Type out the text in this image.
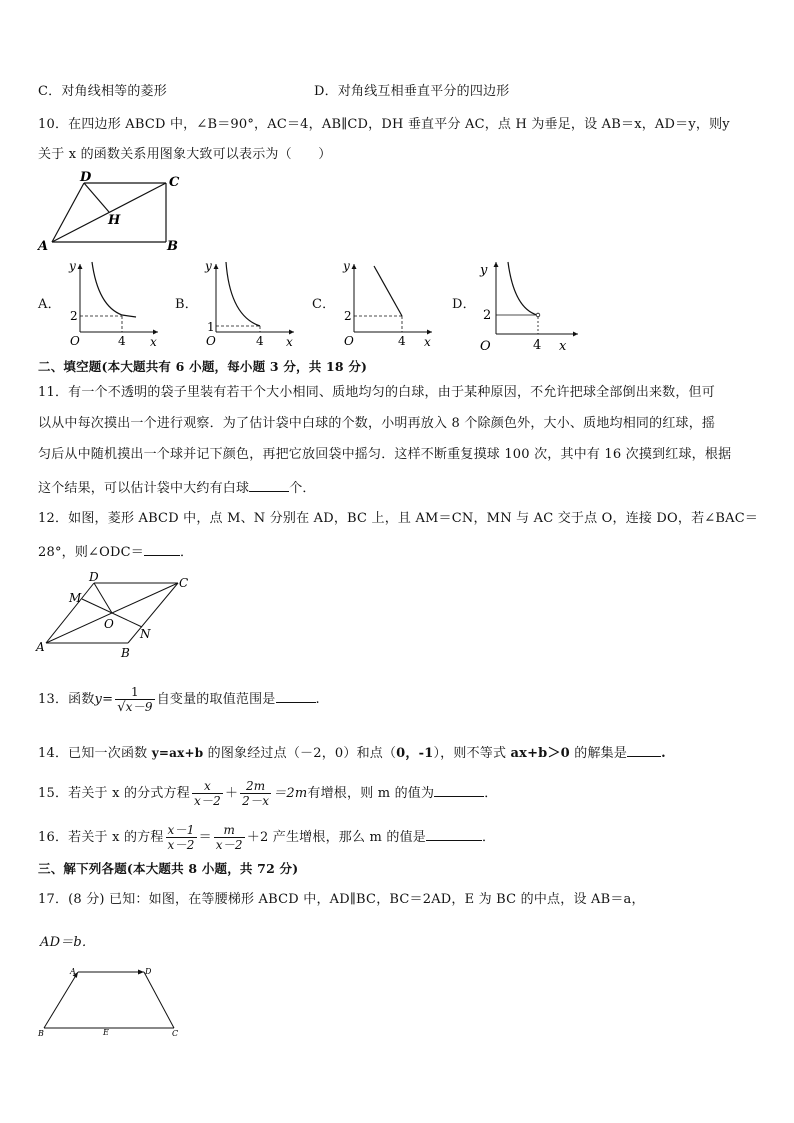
C．对角线相等的菱形	D．对角线互相垂直平分的四边形
10．在四边形 ABCD 中，∠B＝90°，AC＝4，AB∥CD，DH 垂直平分 AC，点 H 为垂足，设 AB＝x，AD＝y，则y
关于 x 的函数关系用图象大致可以表示为（　　）
D	C
H
A	B
A．
y
x
O
2
4
B．
y
x
O
1
4
C．
y
x
O
2
4
D．
y
x
O
2
4
二、填空题(本大题共有 6 小题，每小题 3 分，共 18 分)
11．有一个不透明的袋子里装有若干个大小相同、质地均匀的白球，由于某种原因，不允许把球全部倒出来数，但可
以从中每次摸出一个进行观察．为了估计袋中白球的个数，小明再放入 8 个除颜色外，大小、质地均相同的红球，摇
匀后从中随机摸出一个球并记下颜色，再把它放回袋中摇匀．这样不断重复摸球 100 次，其中有 16 次摸到红球，根据
这个结果，可以估计袋中大约有白球	个．
12．如图，菱形 ABCD 中，点 M、N 分别在 AD，BC 上，且 AM＝CN，MN 与 AC 交于点 O，连接 DO，若∠BAC＝
28°，则∠ODC＝	．
D	C
M
O
N
A	B
13．函数$y= \frac{1}{√x-9}$ 自变量的取值范围是	.
14．已知一次函数 y=ax+b 的图象经过点（－2，0）和点（0，-1），则不等式 ax+b＞0 的解集是	.
15．若关于 x 的分式方程 $\frac{x}{x-2} + \frac{2m}{2-x} =2m$有增根，则 m 的值为	．
16．若关于 x 的方程 $\frac{x-1}{x-2} = \frac{m}{x-2} +2$ 产生增根，那么 m 的值是	．
三、解下列各题(本大题共 8 小题，共 72 分)
17．(8 分) 已知：如图，在等腰梯形 ABCD 中，AD∥BC，BC＝2AD，E 为 BC 的中点，设 AB＝a，
AD＝b．
A	D
B	E	C
